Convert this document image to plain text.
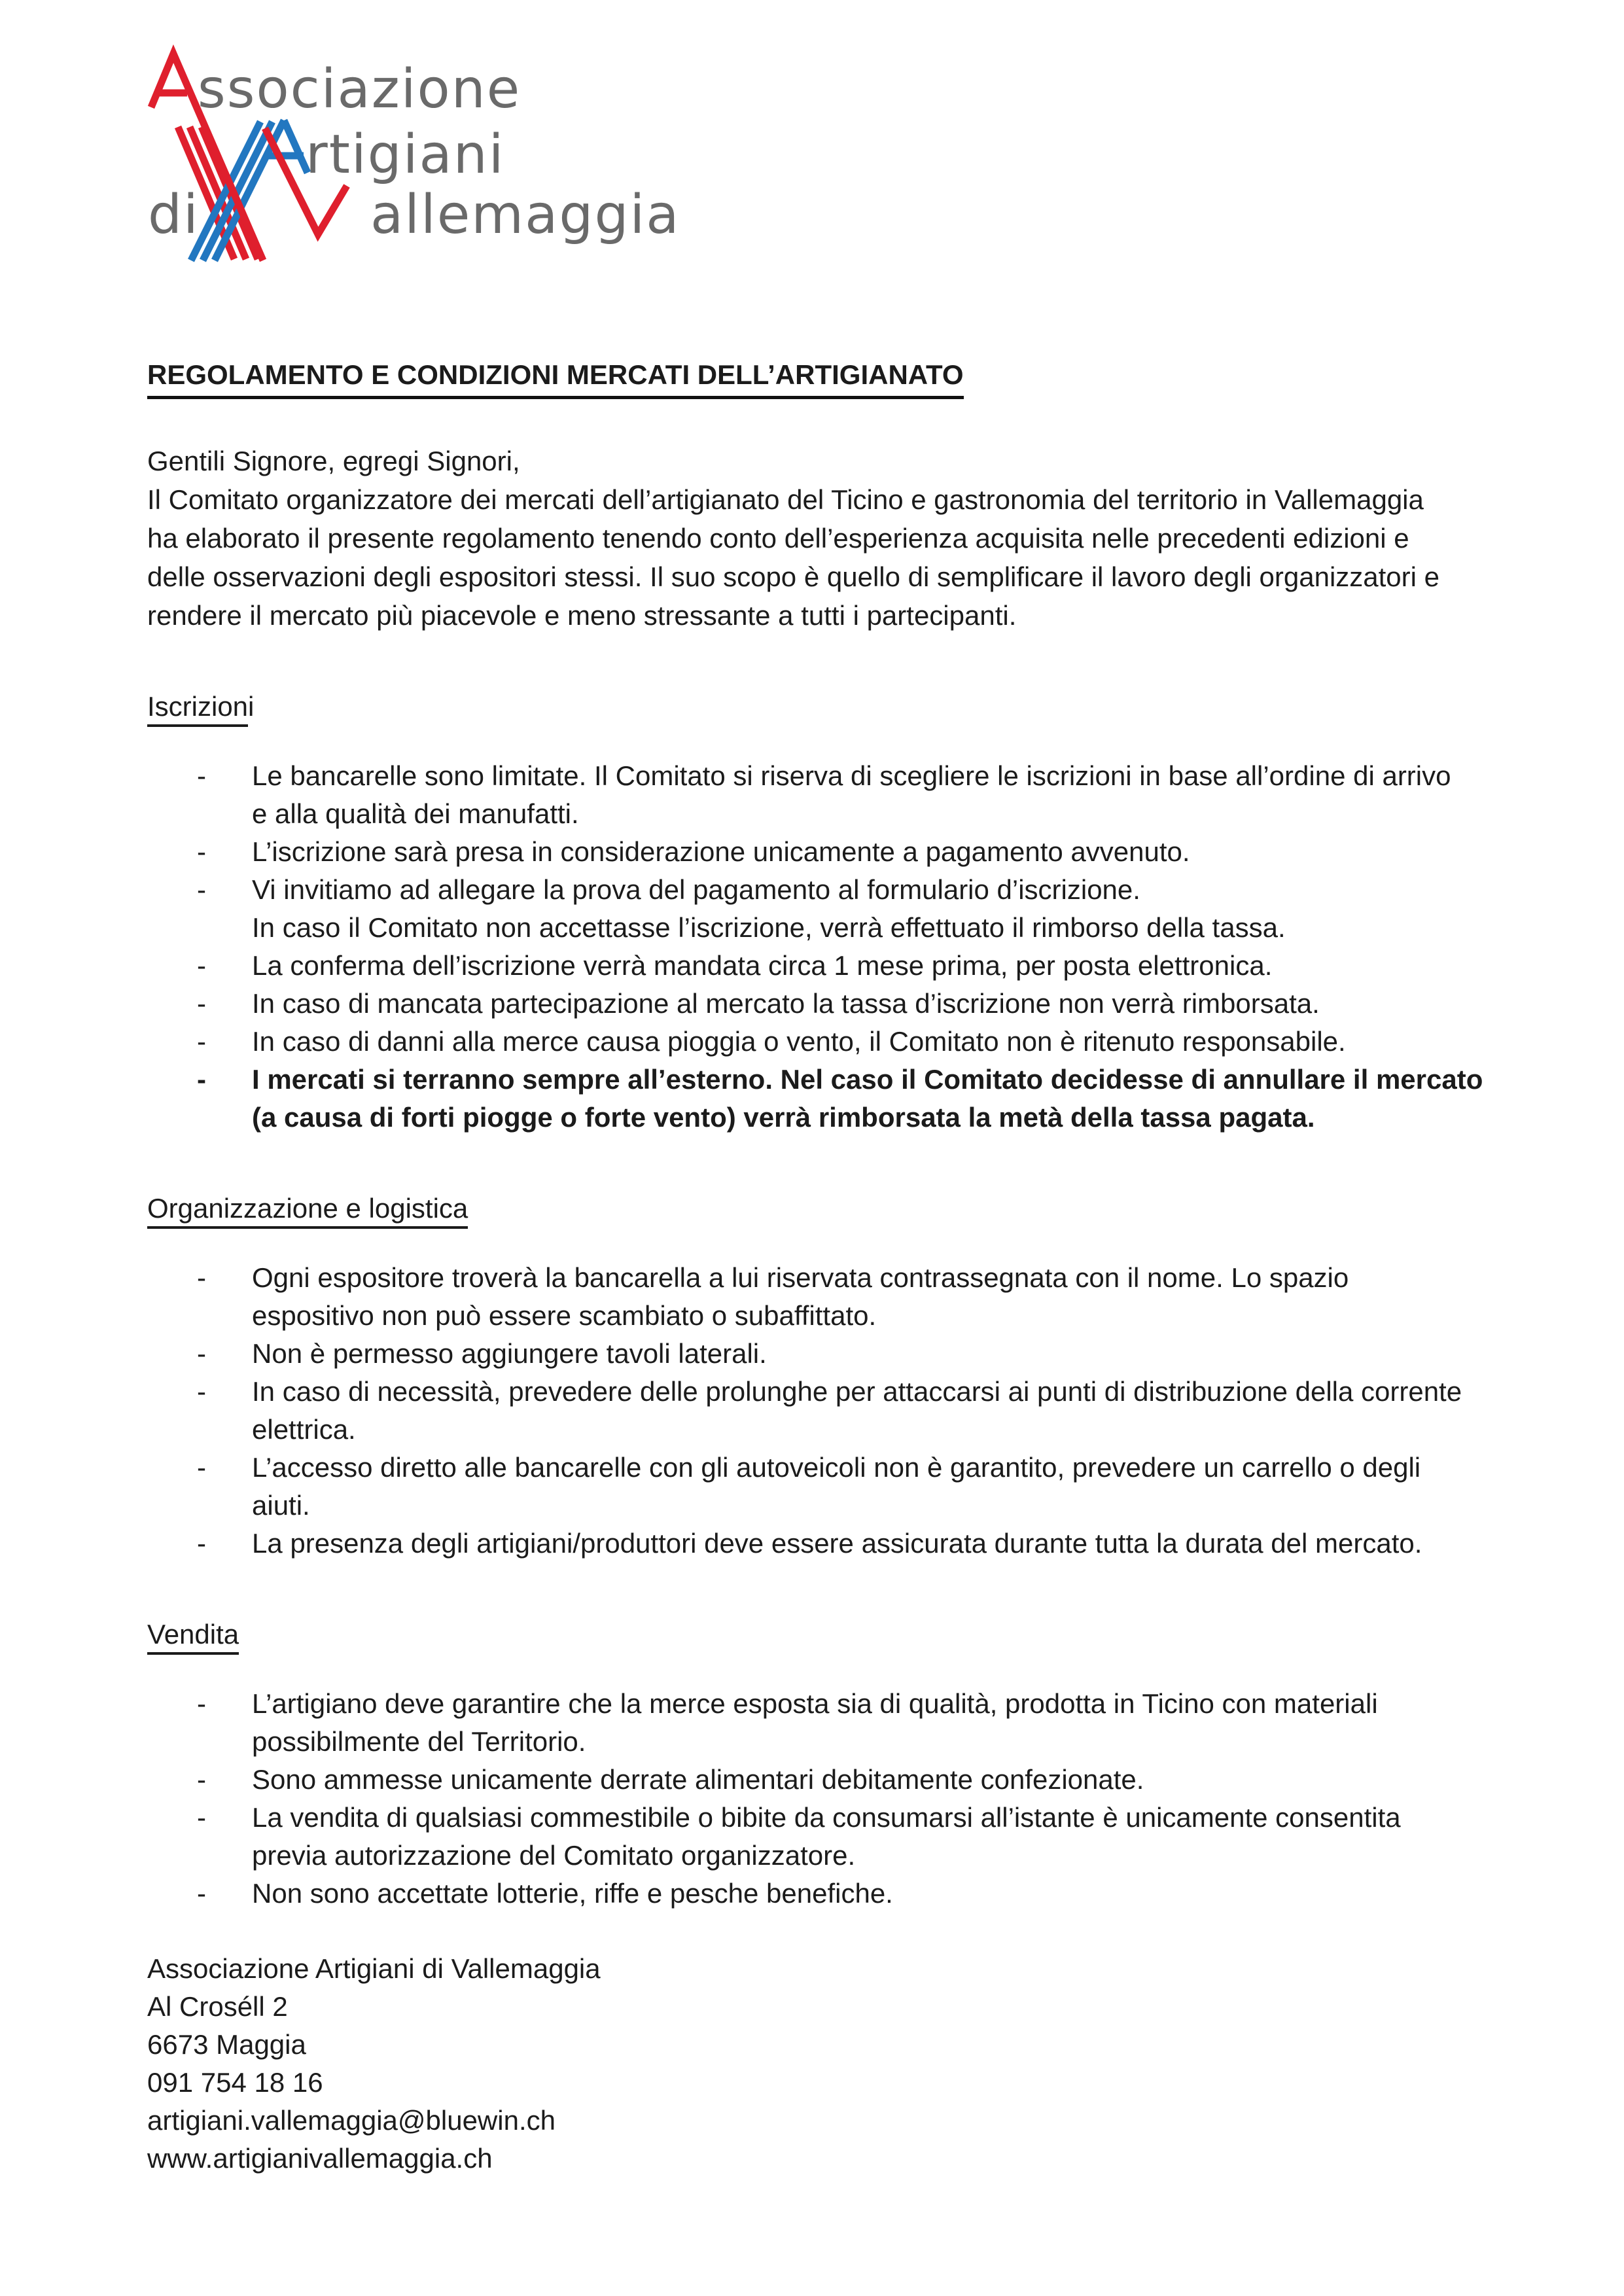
ssociazione
rtigiani
di	allemaggia
REGOLAMENTO E CONDIZIONI MERCATI DELL’ARTIGIANATO
Gentili Signore, egregi Signori,
Il Comitato organizzatore dei mercati dell’artigianato del Ticino e gastronomia del territorio in Vallemaggia
ha elaborato il presente regolamento tenendo conto dell’esperienza acquisita nelle precedenti edizioni e
delle osservazioni degli espositori stessi. Il suo scopo è quello di semplificare il lavoro degli organizzatori e
rendere il mercato più piacevole e meno stressante a tutti i partecipanti.
Iscrizioni
- Le bancarelle sono limitate. Il Comitato si riserva di scegliere le iscrizioni in base all’ordine di arrivo
e alla qualità dei manufatti.
- L’iscrizione sarà presa in considerazione unicamente a pagamento avvenuto.
- Vi invitiamo ad allegare la prova del pagamento al formulario d’iscrizione.
In caso il Comitato non accettasse l’iscrizione, verrà effettuato il rimborso della tassa.
- La conferma dell’iscrizione verrà mandata circa 1 mese prima, per posta elettronica.
- In caso di mancata partecipazione al mercato la tassa d’iscrizione non verrà rimborsata.
- In caso di danni alla merce causa pioggia o vento, il Comitato non è ritenuto responsabile.
- I mercati si terranno sempre all’esterno. Nel caso il Comitato decidesse di annullare il mercato
(a causa di forti piogge o forte vento) verrà rimborsata la metà della tassa pagata.
Organizzazione e logistica
- Ogni espositore troverà la bancarella a lui riservata contrassegnata con il nome. Lo spazio
espositivo non può essere scambiato o subaffittato.
- Non è permesso aggiungere tavoli laterali.
- In caso di necessità, prevedere delle prolunghe per attaccarsi ai punti di distribuzione della corrente
elettrica.
- L’accesso diretto alle bancarelle con gli autoveicoli non è garantito, prevedere un carrello o degli
aiuti.
- La presenza degli artigiani/produttori deve essere assicurata durante tutta la durata del mercato.
Vendita
- L’artigiano deve garantire che la merce esposta sia di qualità, prodotta in Ticino con materiali
possibilmente del Territorio.
- Sono ammesse unicamente derrate alimentari debitamente confezionate.
- La vendita di qualsiasi commestibile o bibite da consumarsi all’istante è unicamente consentita
previa autorizzazione del Comitato organizzatore.
- Non sono accettate lotterie, riffe e pesche benefiche.
Associazione Artigiani di Vallemaggia
Al Croséll 2
6673 Maggia
091 754 18 16
artigiani.vallemaggia@bluewin.ch
www.artigianivallemaggia.ch
